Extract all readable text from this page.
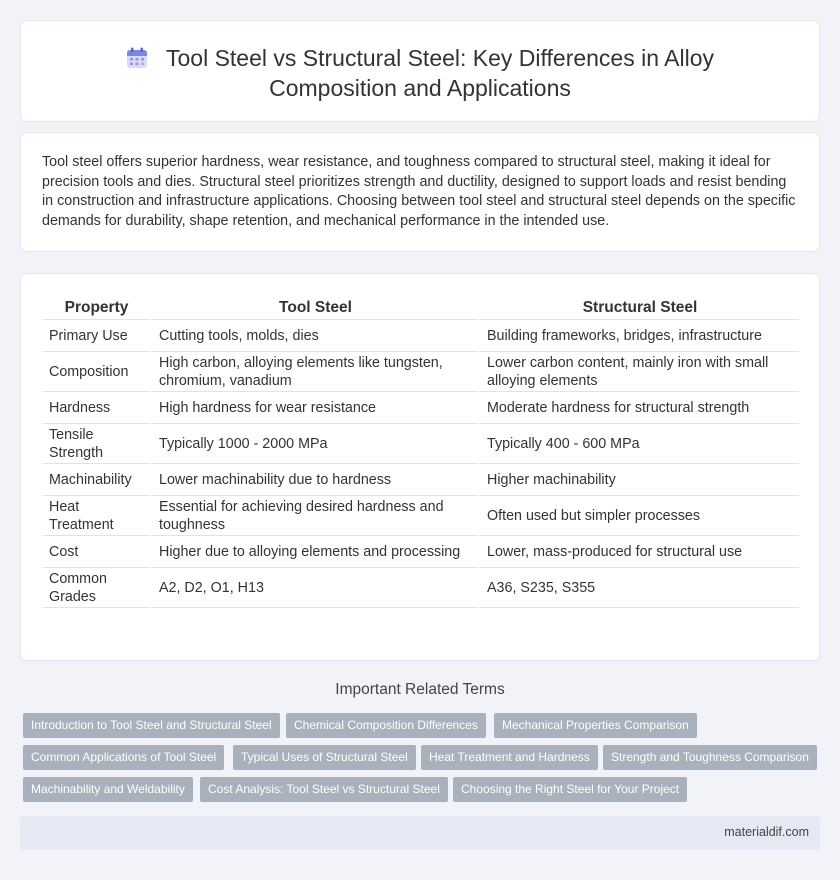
Tool Steel vs Structural Steel: Key Differences in Alloy
Composition and Applications

Tool steel offers superior hardness, wear resistance, and toughness compared to structural steel, making it ideal for precision tools and dies. Structural steel prioritizes strength and ductility, designed to support loads and resist bending in construction and infrastructure applications. Choosing between tool steel and structural steel depends on the specific demands for durability, shape retention, and mechanical performance in the intended use.

Property	Tool Steel	Structural Steel
Primary Use	Cutting tools, molds, dies	Building frameworks, bridges, infrastructure
Composition	High carbon, alloying elements like tungsten, chromium, vanadium	Lower carbon content, mainly iron with small alloying elements
Hardness	High hardness for wear resistance	Moderate hardness for structural strength
Tensile Strength	Typically 1000 - 2000 MPa	Typically 400 - 600 MPa
Machinability	Lower machinability due to hardness	Higher machinability
Heat Treatment	Essential for achieving desired hardness and toughness	Often used but simpler processes
Cost	Higher due to alloying elements and processing	Lower, mass-produced for structural use
Common Grades	A2, D2, O1, H13	A36, S235, S355
Important Related Terms
Introduction to Tool Steel and Structural Steel	Chemical Composition Differences	Mechanical Properties Comparison
Common Applications of Tool Steel	Typical Uses of Structural Steel	Heat Treatment and Hardness	Strength and Toughness Comparison
Machinability and Weldability	Cost Analysis: Tool Steel vs Structural Steel	Choosing the Right Steel for Your Project
materialdif.com
